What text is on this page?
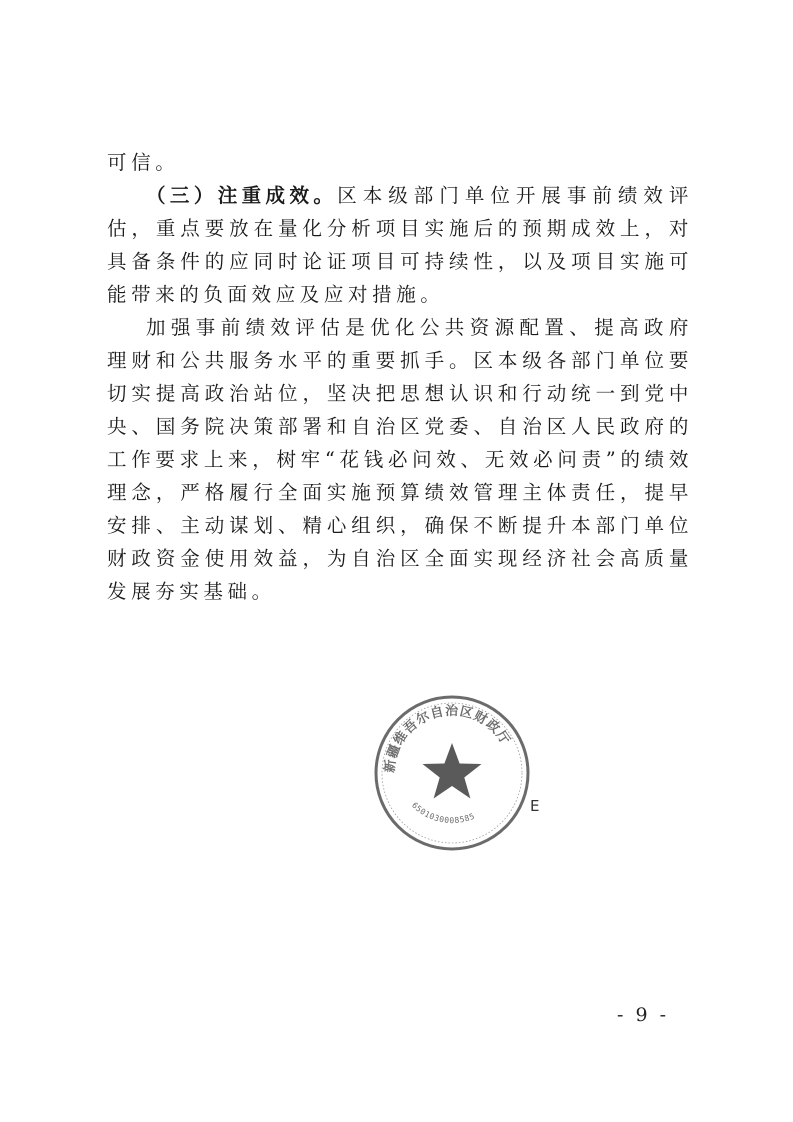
可信。

（三）注重成效。区本级部门单位开展事前绩效评估，重点要放在量化分析项目实施后的预期成效上，对具备条件的应同时论证项目可持续性，以及项目实施可能带来的负面效应及应对措施。

加强事前绩效评估是优化公共资源配置、提高政府理财和公共服务水平的重要抓手。区本级各部门单位要切实提高政治站位，坚决把思想认识和行动统一到党中央、国务院决策部署和自治区党委、自治区人民政府的工作要求上来，树牢“花钱必问效、无效必问责”的绩效理念，严格履行全面实施预算绩效管理主体责任，提早安排、主动谋划、精心组织，确保不断提升本部门单位财政资金使用效益，为自治区全面实现经济社会高质量发展夯实基础。

新疆维吾尔自治区财政厅
6501030008585
E
- 9 -
